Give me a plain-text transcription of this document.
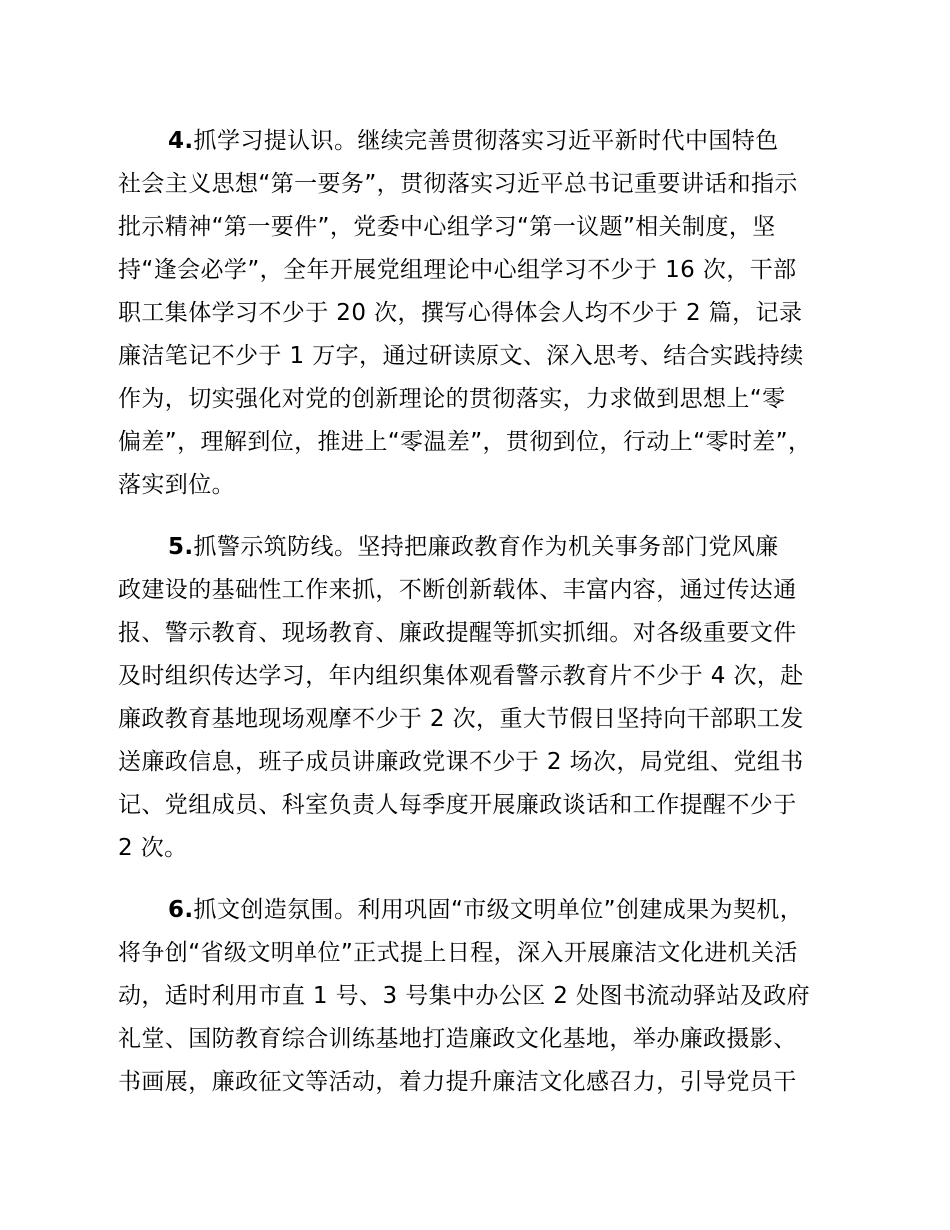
4.抓学习提认识。继续完善贯彻落实习近平新时代中国特色
社会主义思想“第一要务”，贯彻落实习近平总书记重要讲话和指示
批示精神“第一要件”，党委中心组学习“第一议题”相关制度，坚
持“逢会必学”，全年开展党组理论中心组学习不少于 16 次，干部
职工集体学习不少于 20 次，撰写心得体会人均不少于 2 篇，记录
廉洁笔记不少于 1 万字，通过研读原文、深入思考、结合实践持续
作为，切实强化对党的创新理论的贯彻落实，力求做到思想上“零
偏差”，理解到位，推进上“零温差”，贯彻到位，行动上“零时差”，
落实到位。
5.抓警示筑防线。坚持把廉政教育作为机关事务部门党风廉
政建设的基础性工作来抓，不断创新载体、丰富内容，通过传达通
报、警示教育、现场教育、廉政提醒等抓实抓细。对各级重要文件
及时组织传达学习，年内组织集体观看警示教育片不少于 4 次，赴
廉政教育基地现场观摩不少于 2 次，重大节假日坚持向干部职工发
送廉政信息，班子成员讲廉政党课不少于 2 场次，局党组、党组书
记、党组成员、科室负责人每季度开展廉政谈话和工作提醒不少于
2 次。
6.抓文创造氛围。利用巩固“市级文明单位”创建成果为契机，
将争创“省级文明单位”正式提上日程，深入开展廉洁文化进机关活
动，适时利用市直 1 号、3 号集中办公区 2 处图书流动驿站及政府
礼堂、国防教育综合训练基地打造廉政文化基地，举办廉政摄影、
书画展，廉政征文等活动，着力提升廉洁文化感召力，引导党员干
